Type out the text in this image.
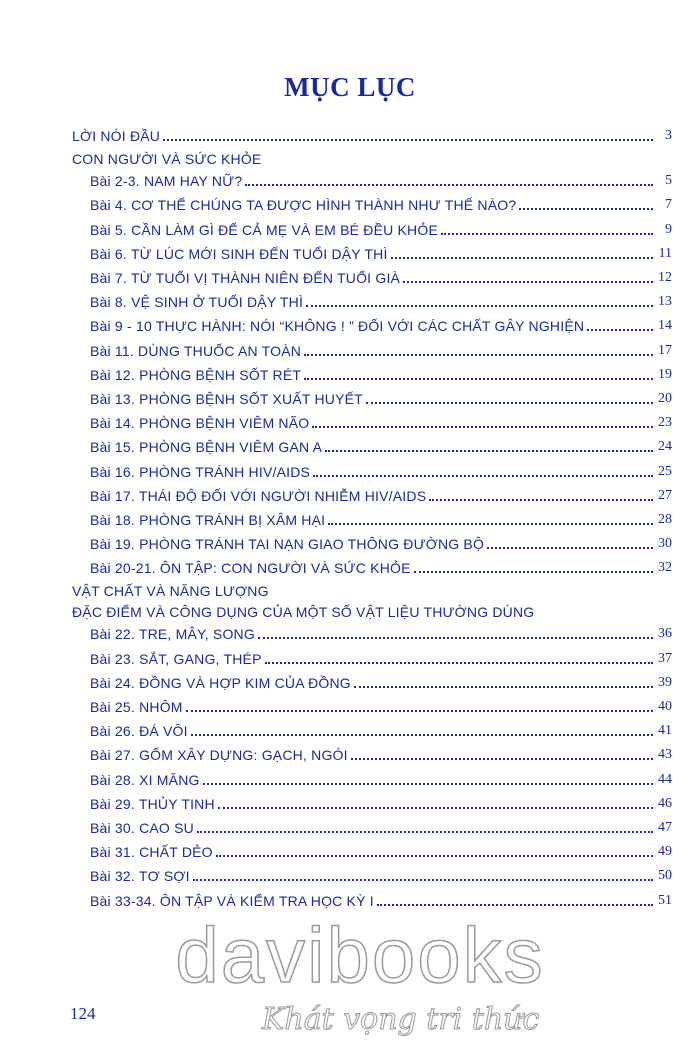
MỤC LỤC
LỜI NÓI ĐẦU	3
CON NGƯỜI VÀ SỨC KHỎE
Bài 2-3. NAM HAY NỮ?	5
Bài 4. CƠ THỂ CHÚNG TA ĐƯỢC HÌNH THÀNH NHƯ THẾ NÀO?	7
Bài 5. CẦN LÀM GÌ ĐỂ CẢ MẸ VÀ EM BÉ ĐỀU KHỎE	9
Bài 6. TỪ LÚC MỚI SINH ĐẾN TUỔI DẬY THÌ	11
Bài 7. TỪ TUỔI VỊ THÀNH NIÊN ĐẾN TUỔI GIÀ	12
Bài 8. VỆ SINH Ở TUỔI DẬY THÌ	13
Bài 9 - 10 THỰC HÀNH: NÓI “KHÔNG ! ” ĐỐI VỚI CÁC CHẤT GÂY NGHIỆN	14
Bài 11. DÙNG THUỐC AN TOÀN	17
Bài 12. PHÒNG BỆNH SỐT RÉT	19
Bài 13. PHÒNG BỆNH SỐT XUẤT HUYẾT	20
Bài 14. PHÒNG BỆNH VIÊM NÃO	23
Bài 15. PHÒNG BỆNH VIÊM GAN A	24
Bài 16. PHÒNG TRÁNH HIV/AIDS	25
Bài 17. THÁI ĐỘ ĐỐI VỚI NGƯỜI NHIỄM HIV/AIDS	27
Bài 18. PHÒNG TRÁNH BỊ XÂM HẠI	28
Bài 19. PHÒNG TRÁNH TAI NẠN GIAO THÔNG ĐƯỜNG BỘ	30
Bài 20-21. ÔN TẬP: CON NGƯỜI VÀ SỨC KHỎE	32
VẬT CHẤT VÀ NĂNG LƯỢNG
ĐẶC ĐIỂM VÀ CÔNG DỤNG CỦA MỘT SỐ VẬT LIỆU THƯỜNG DÙNG
Bài 22. TRE, MÂY, SONG	36
Bài 23. SẮT, GANG, THÉP	37
Bài 24. ĐỒNG VÀ HỢP KIM CỦA ĐỒNG	39
Bài 25. NHÔM	40
Bài 26. ĐÁ VÔI	41
Bài 27. GỐM XÂY DỰNG: GẠCH, NGÓI	43
Bài 28. XI MĂNG	44
Bài 29. THỦY TINH	46
Bài 30. CAO SU	47
Bài 31. CHẤT DẺO	49
Bài 32. TƠ SỢI	50
Bài 33-34. ÔN TẬP VÀ KIỂM TRA HỌC KỲ I	51
124
davibooks
Khát vọng tri thức
